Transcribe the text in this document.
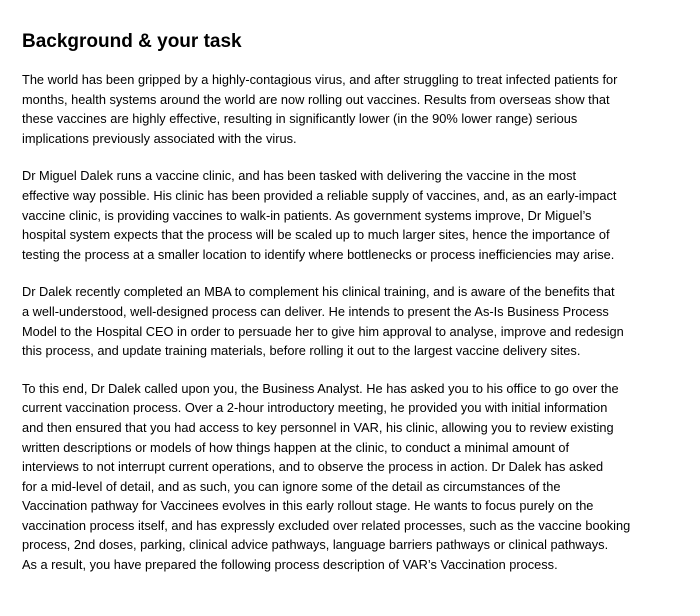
Background & your task
The world has been gripped by a highly-contagious virus, and after struggling to treat infected patients for
months, health systems around the world are now rolling out vaccines. Results from overseas show that
these vaccines are highly effective, resulting in significantly lower (in the 90% lower range) serious
implications previously associated with the virus.
Dr Miguel Dalek runs a vaccine clinic, and has been tasked with delivering the vaccine in the most
effective way possible. His clinic has been provided a reliable supply of vaccines, and, as an early-impact
vaccine clinic, is providing vaccines to walk-in patients. As government systems improve, Dr Miguel’s
hospital system expects that the process will be scaled up to much larger sites, hence the importance of
testing the process at a smaller location to identify where bottlenecks or process inefficiencies may arise.
Dr Dalek recently completed an MBA to complement his clinical training, and is aware of the benefits that
a well-understood, well-designed process can deliver. He intends to present the As-Is Business Process
Model to the Hospital CEO in order to persuade her to give him approval to analyse, improve and redesign
this process, and update training materials, before rolling it out to the largest vaccine delivery sites.
To this end, Dr Dalek called upon you, the Business Analyst. He has asked you to his office to go over the
current vaccination process. Over a 2-hour introductory meeting, he provided you with initial information
and then ensured that you had access to key personnel in VAR, his clinic, allowing you to review existing
written descriptions or models of how things happen at the clinic, to conduct a minimal amount of
interviews to not interrupt current operations, and to observe the process in action. Dr Dalek has asked
for a mid-level of detail, and as such, you can ignore some of the detail as circumstances of the
Vaccination pathway for Vaccinees evolves in this early rollout stage. He wants to focus purely on the
vaccination process itself, and has expressly excluded over related processes, such as the vaccine booking
process, 2nd doses, parking, clinical advice pathways, language barriers pathways or clinical pathways.
As a result, you have prepared the following process description of VAR’s Vaccination process.
